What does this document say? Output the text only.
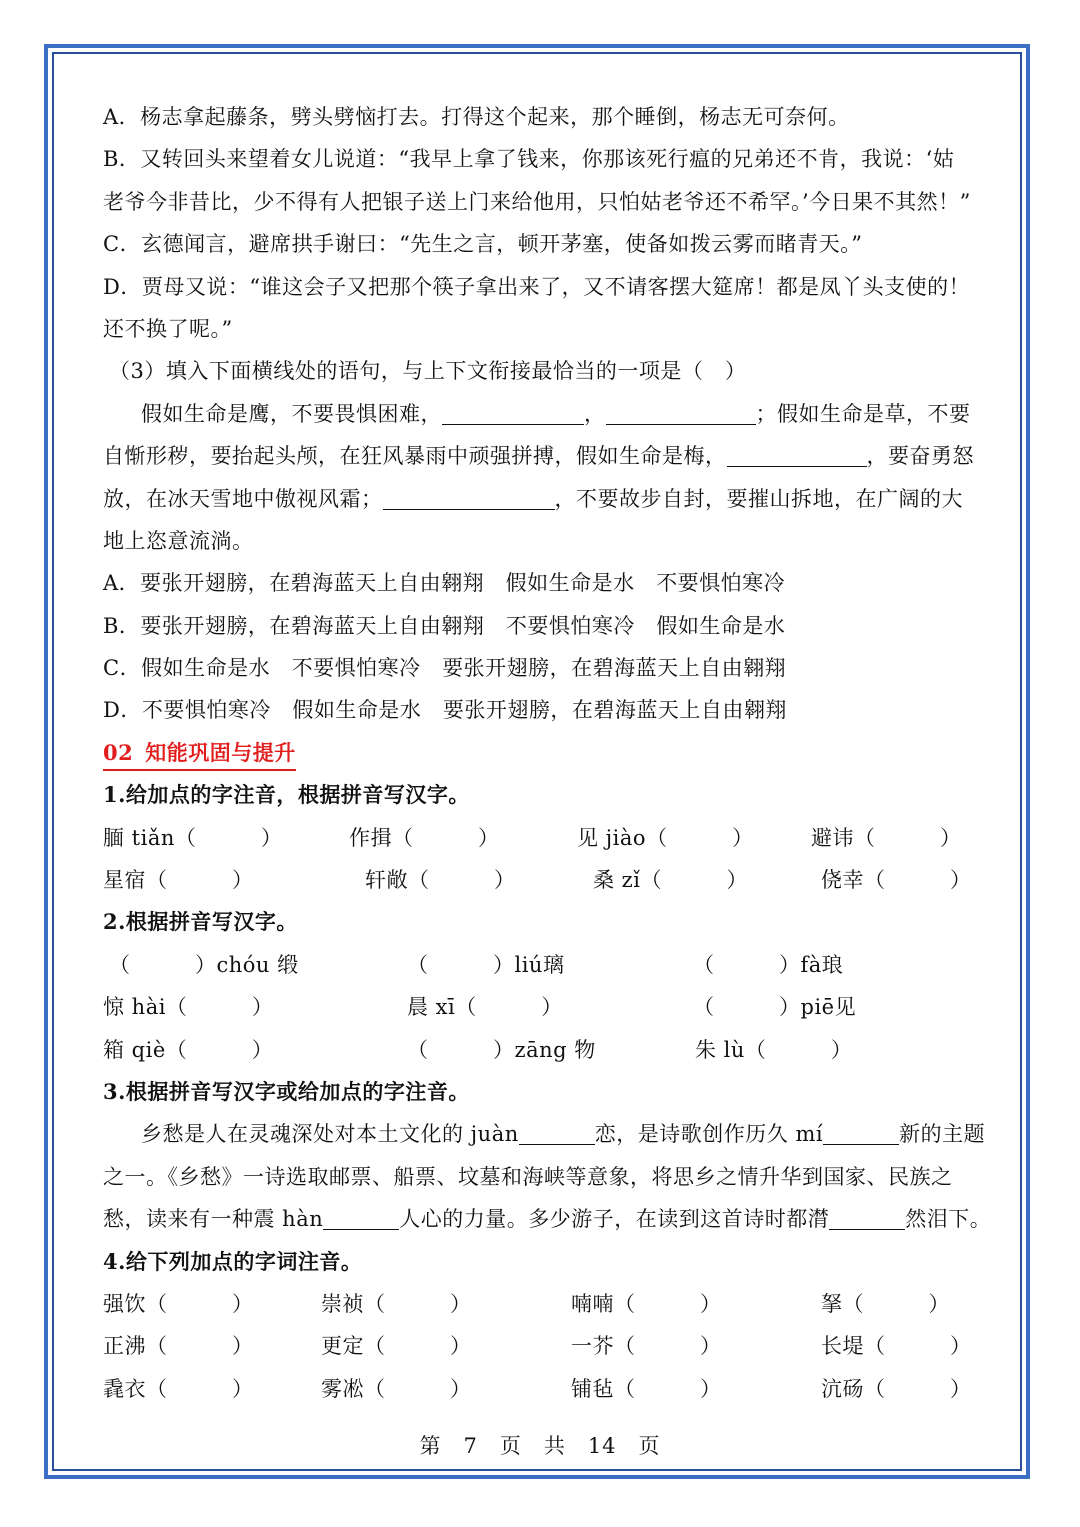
A．杨志拿起藤条，劈头劈恼打去。打得这个起来，那个睡倒，杨志无可奈何。
B．又转回头来望着女儿说道：“我早上拿了钱来，你那该死行瘟的兄弟还不肯，我说：‘姑
老爷今非昔比，少不得有人把银子送上门来给他用，只怕姑老爷还不希罕。’今日果不其然！”
C．玄德闻言，避席拱手谢曰：“先生之言，顿开茅塞，使备如拨云雾而睹青天。”
D．贾母又说：“谁这会子又把那个筷子拿出来了，又不请客摆大筵席！都是凤丫头支使的！
还不换了呢。”
（3）填入下面横线处的语句，与上下文衔接最恰当的一项是（　）
假如生命是鹰，不要畏惧困难，	，	；假如生命是草，不要
自惭形秽，要抬起头颅，在狂风暴雨中顽强拼搏，假如生命是梅，	，要奋勇怒
放，在冰天雪地中傲视风霜；	，不要故步自封，要摧山拆地，在广阔的大
地上恣意流淌。
A．要张开翅膀，在碧海蓝天上自由翱翔　假如生命是水　不要惧怕寒冷
B．要张开翅膀，在碧海蓝天上自由翱翔　不要惧怕寒冷　假如生命是水
C．假如生命是水　不要惧怕寒冷　要张开翅膀，在碧海蓝天上自由翱翔
D．不要惧怕寒冷　假如生命是水　要张开翅膀，在碧海蓝天上自由翱翔
02 知能巩固与提升
1.给加点的字注音，根据拼音写汉字。
腼 tiǎn（　　　）	作揖（　　　）	见 jiào（　　　）	避讳（　　　）
星宿（　　　）	轩敞（　　　）	桑 zǐ（　　　）	侥幸（　　　）
2.根据拼音写汉字。
（　　　）chóu 缎	（　　　）liú璃	（　　　）fà琅
惊 hài（　　　）	晨 xī（　　　）	（　　　）piē见
箱 qiè（　　　）	（　　　）zāng 物	朱 lù（　　　）
3.根据拼音写汉字或给加点的字注音。
乡愁是人在灵魂深处对本土文化的 juàn	恋，是诗歌创作历久 mí	新的主题
之一。《乡愁》一诗选取邮票、船票、坟墓和海峡等意象，将思乡之情升华到国家、民族之
愁，读来有一种震 hàn	人心的力量。多少游子，在读到这首诗时都潸	然泪下。
4.给下列加点的字词注音。
强饮（　　　）	崇祯（　　　）	喃喃（　　　）	拏（　　　）
正沸（　　　）	更定（　　　）	一芥（　　　）	长堤（　　　）
毳衣（　　　）	雾凇（　　　）	铺毡（　　　）	沆砀（　　　）
第　7　页　共　14　页
